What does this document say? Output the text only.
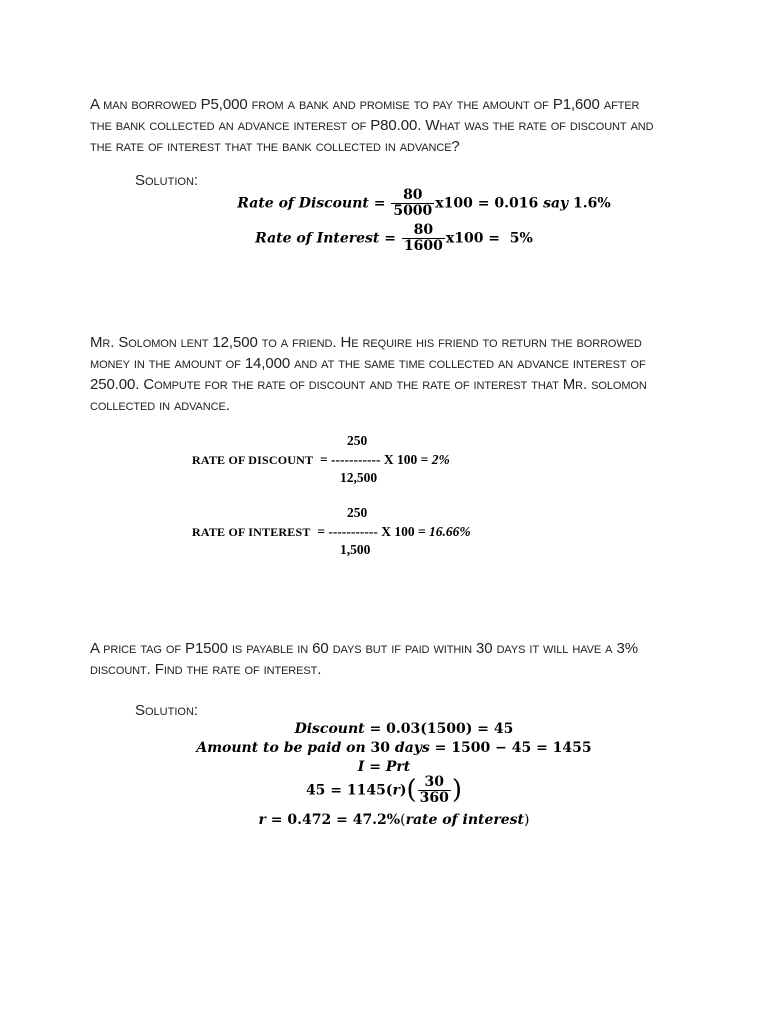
A man borrowed P5,000 from a bank and promise to pay the amount of P1,600 after
the bank collected an advance interest of P80.00. What was the rate of discount and
the rate of interest that the bank collected in advance?
Solution:
Rate of Discount = $\frac{80}{5000} x100 = 0.016$ say 1.6%
Rate of Interest = $\frac{80}{1600} x100 = 5\%$
Mr. Solomon lent 12,500 to a friend. He require his friend to return the borrowed
money in the amount of 14,000 and at the same time collected an advance interest of
250.00. Compute for the rate of discount and the rate of interest that Mr. solomon
collected in advance.
250
RATE OF DISCOUNT = ----------- X 100 = 2%
12,500
250
RATE OF INTEREST = ----------- X 100 = 16.66%
1,500
A price tag of P1500 is payable in 60 days but if paid within 30 days it will have a 3%
discount. Find the rate of interest.
Solution:
Discount = 0.03(1500) = 45
Amount to be paid on 30 days = 1500 − 45 = 1455
I = Prt
$45 = 1145(r)( \frac{30}{360}$ )
r = 0.472 = 47.2%(rate of interest)
